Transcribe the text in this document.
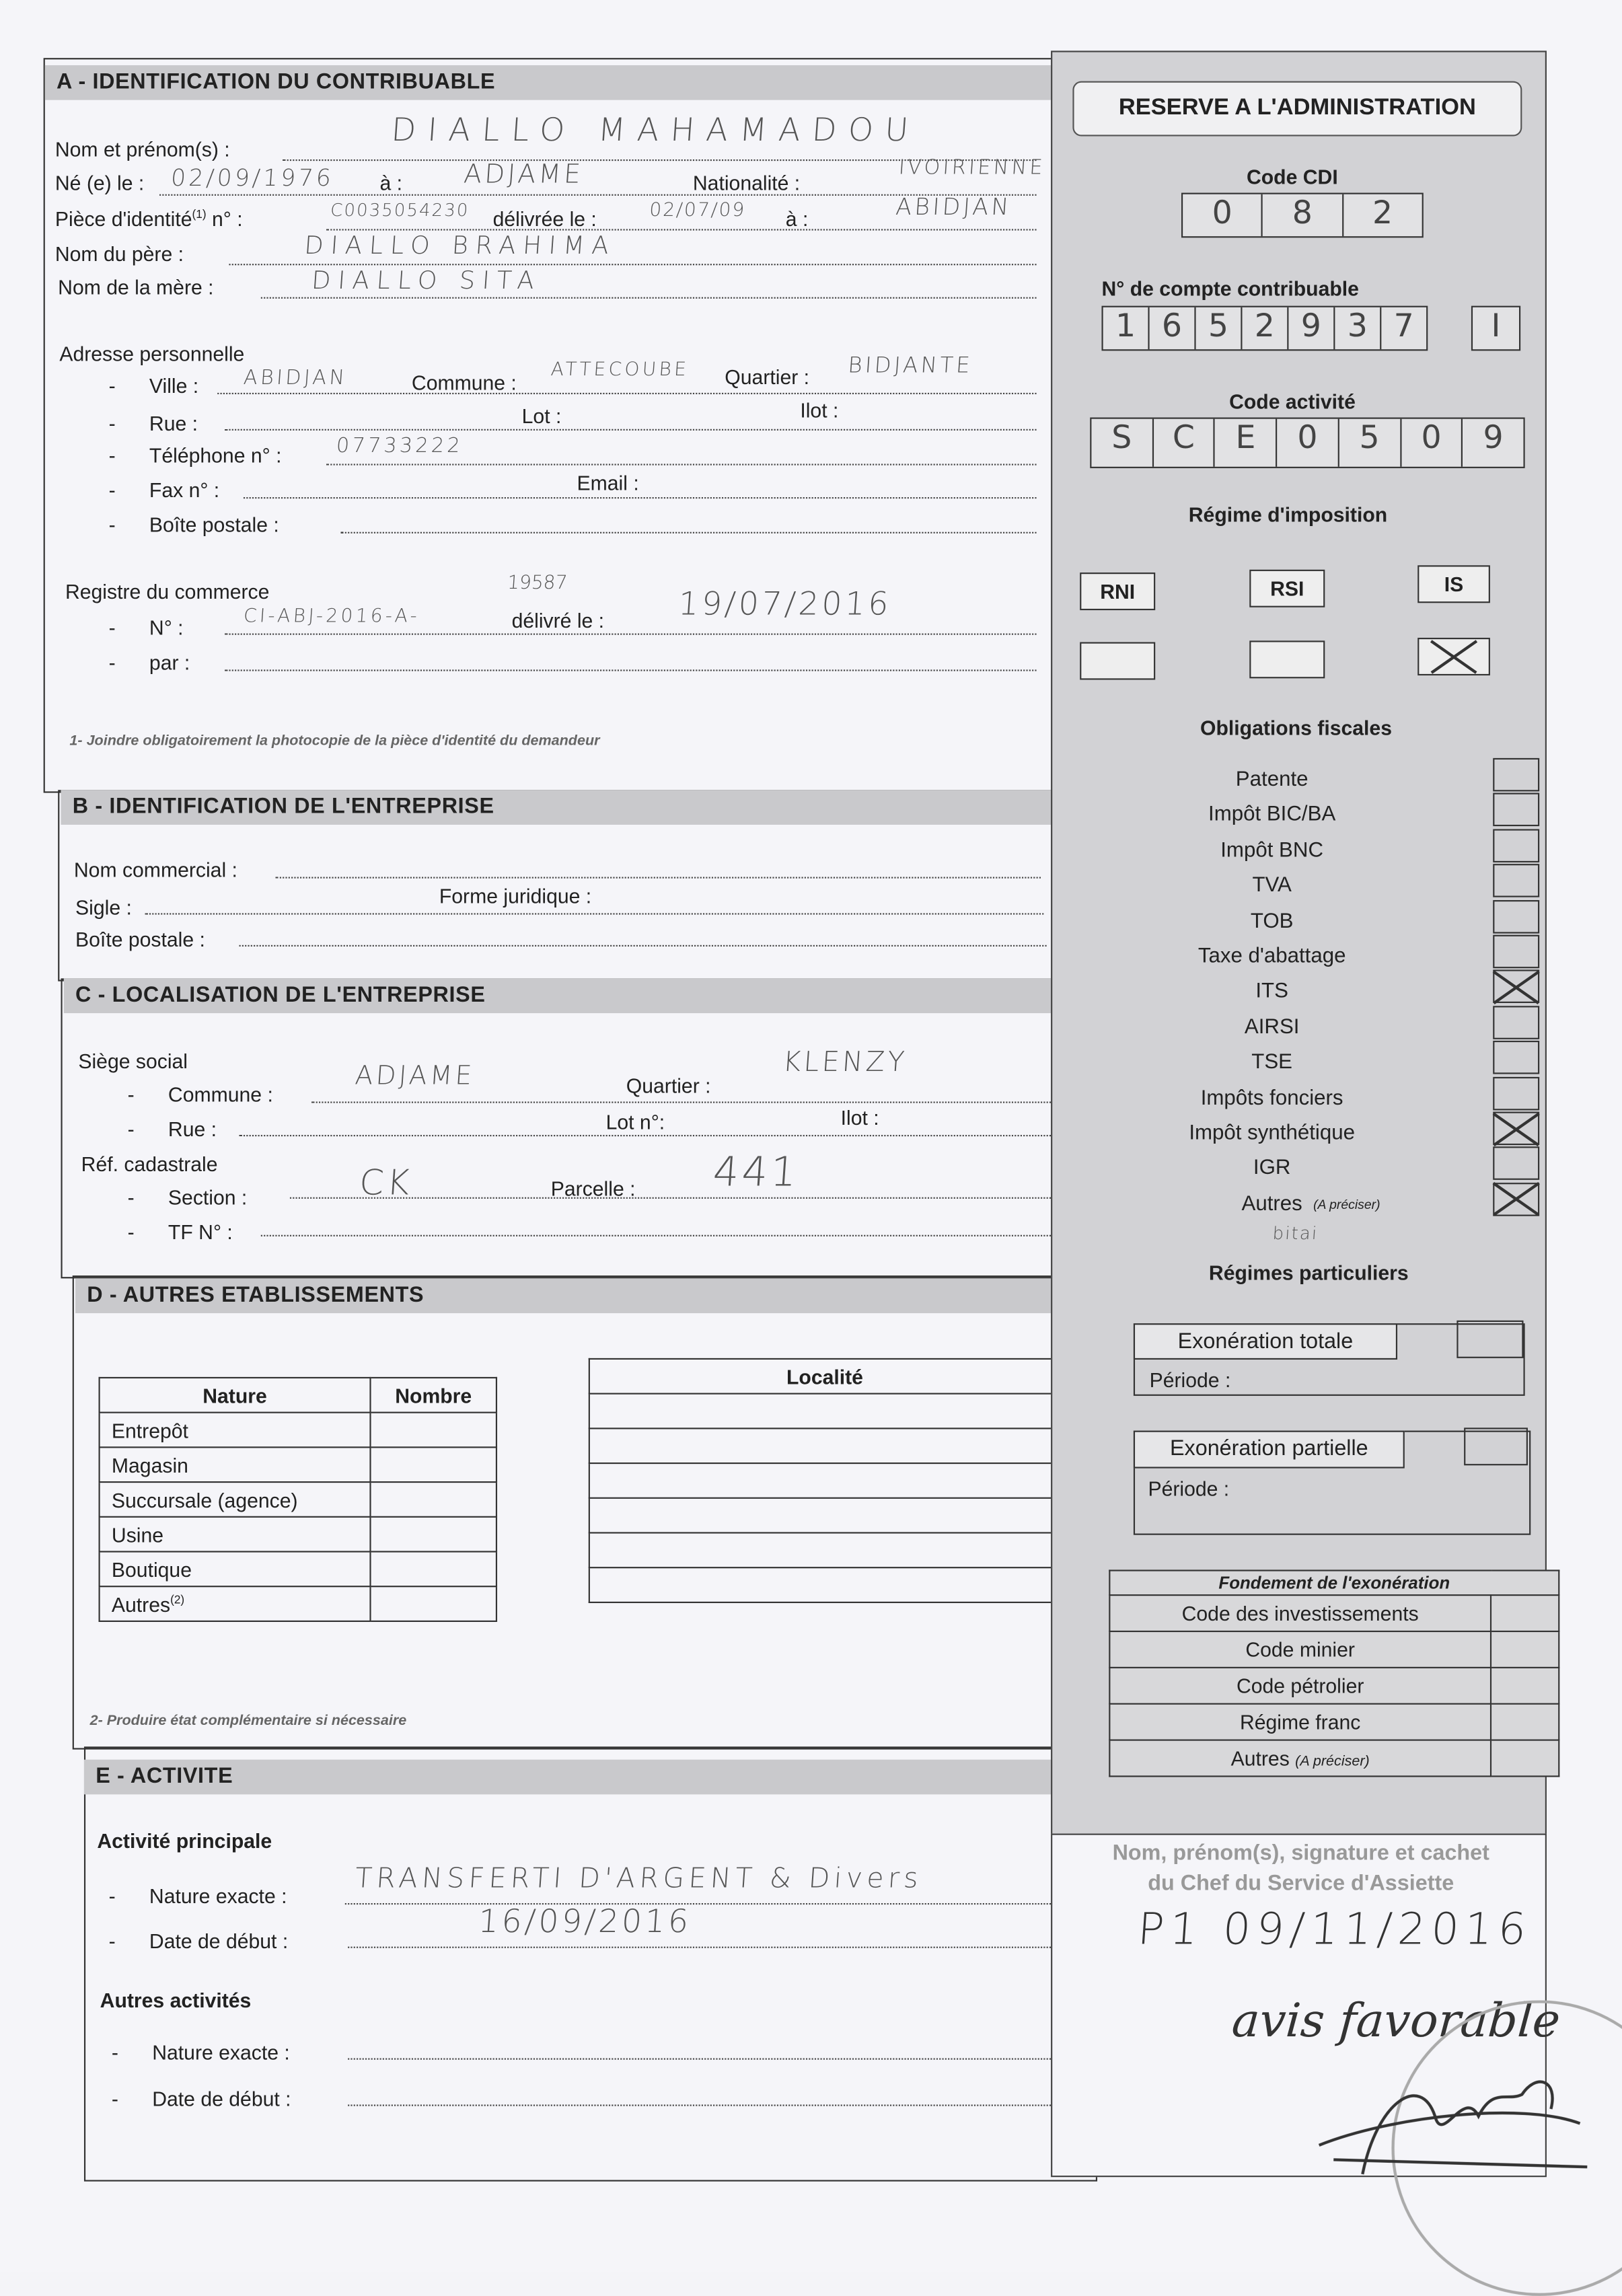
A - IDENTIFICATION DU CONTRIBUABLE
Nom et prénom(s) :	DIALLO MAHAMADOU
Né (e) le : 02/09/1976	à :	ADJAME	Nationalité :
IVOIRIENNE
Pièce d'identité$^{(1)}$ n° :	C0035054230 délivrée le :	02/07/09	à :	ABIDJAN
Nom du père :	DIALLO BRAHIMA
Nom de la mère :	DIALLO SITA
Adresse personnelle
-      Ville :	ABIDJAN	Commune :
ATTECOUBE	Quartier :	BIDJANTE
-      Rue :	Lot :	Ilot :
-      Téléphone n° :	07733222
-      Fax n° :	Email :
-      Boîte postale :
Registre du commerce	19587
-      N° :	CI-ABJ-2016-A-	délivré le :	19/07/2016
-      par :
1- Joindre obligatoirement la photocopie de la pièce d'identité du demandeur
B - IDENTIFICATION DE L'ENTREPRISE
Nom commercial :
Sigle :	Forme juridique :
Boîte postale :
C - LOCALISATION DE L'ENTREPRISE
Siège social
-      Commune :
ADJAME	Quartier :
KLENZY
-      Rue :	Lot n°:	Ilot :
Réf. cadastrale
-      Section :	CK	Parcelle :	441
-      TF N° :
D - AUTRES ETABLISSEMENTS
Nature	Nombre
Entrepôt	
Magasin	
Succursale (agence)	
Usine	
Boutique	
Autres$^{(2)}$	
Localité

2- Produire état complémentaire si nécessaire
E - ACTIVITE
Activité principale
-      Nature exacte :
TRANSFERTI D'ARGENT & Divers
-      Date de début :	16/09/2016
Autres activités
-      Nature exacte :
-      Date de début :
RESERVE A L'ADMINISTRATION
Code CDI
0	8	2
N° de compte contribuable
1	6	5	2	9	3	7	I
Code activité
S	C	E	0	5	0	9
Régime d'imposition
RNI	RSI	IS
Obligations fiscales
Patente
Impôt BIC/BA
Impôt BNC
TVA
TOB
Taxe d'abattage
ITS
AIRSI
TSE
Impôts fonciers
Impôt synthétique
IGR
Autres	(A préciser)
bitai
Régimes particuliers
Exonération totale
Période :
Exonération partielle
Période :
Fondement de l'exonération	
Code des investissements	
Code minier	
Code pétrolier	
Régime franc	
Autres (A préciser)	
Nom, prénom(s), signature et cachet
du Chef du Service d'Assiette
P1 09/11/2016
avis favorable
